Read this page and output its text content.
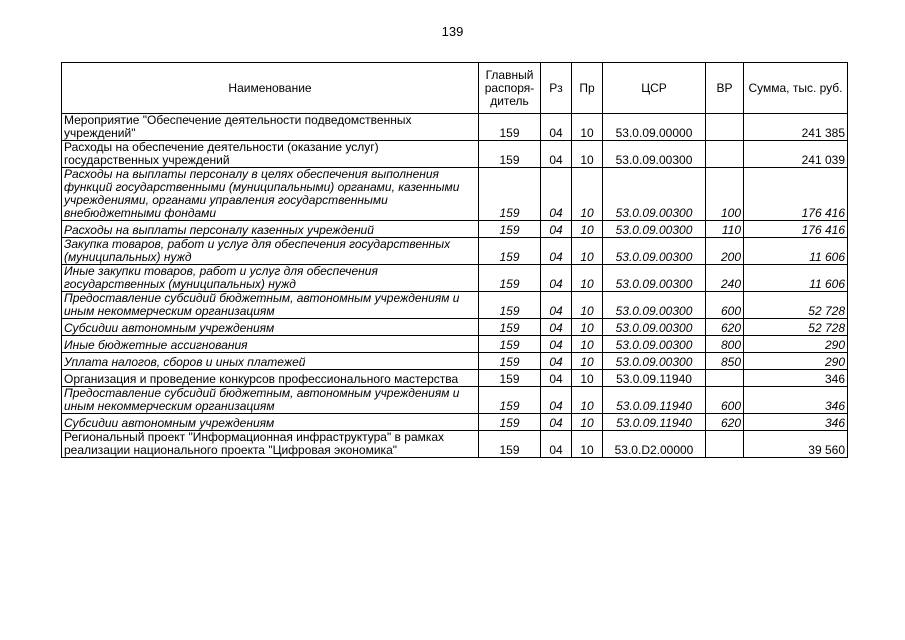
139
Наименование	Главный распоря-дитель	Рз	Пр	ЦСР	ВР	Сумма, тыс. руб.
Мероприятие "Обеспечение деятельности подведомственных учреждений"	159	04	10	53.0.09.00000		241 385
Расходы на обеспечение деятельности (оказание услуг) государственных учреждений	159	04	10	53.0.09.00300		241 039
Расходы на выплаты персоналу в целях обеспечения выполнения функций государственными (муниципальными) органами, казенными учреждениями, органами управления государственными внебюджетными фондами	159	04	10	53.0.09.00300	100	176 416
Расходы на выплаты персоналу казенных учреждений	159	04	10	53.0.09.00300	110	176 416
Закупка товаров, работ и услуг для обеспечения государственных (муниципальных) нужд	159	04	10	53.0.09.00300	200	11 606
Иные закупки товаров, работ и услуг для обеспечения государственных (муниципальных) нужд	159	04	10	53.0.09.00300	240	11 606
Предоставление субсидий бюджетным, автономным учреждениям и иным некоммерческим организациям	159	04	10	53.0.09.00300	600	52 728
Субсидии автономным учреждениям	159	04	10	53.0.09.00300	620	52 728
Иные бюджетные ассигнования	159	04	10	53.0.09.00300	800	290
Уплата налогов, сборов и иных платежей	159	04	10	53.0.09.00300	850	290
Организация и проведение конкурсов профессионального мастерства	159	04	10	53.0.09.11940		346
Предоставление субсидий бюджетным, автономным учреждениям и иным некоммерческим организациям	159	04	10	53.0.09.11940	600	346
Субсидии автономным учреждениям	159	04	10	53.0.09.11940	620	346
Региональный проект "Информационная инфраструктура" в рамках реализации национального проекта "Цифровая экономика"	159	04	10	53.0.D2.00000		39 560
